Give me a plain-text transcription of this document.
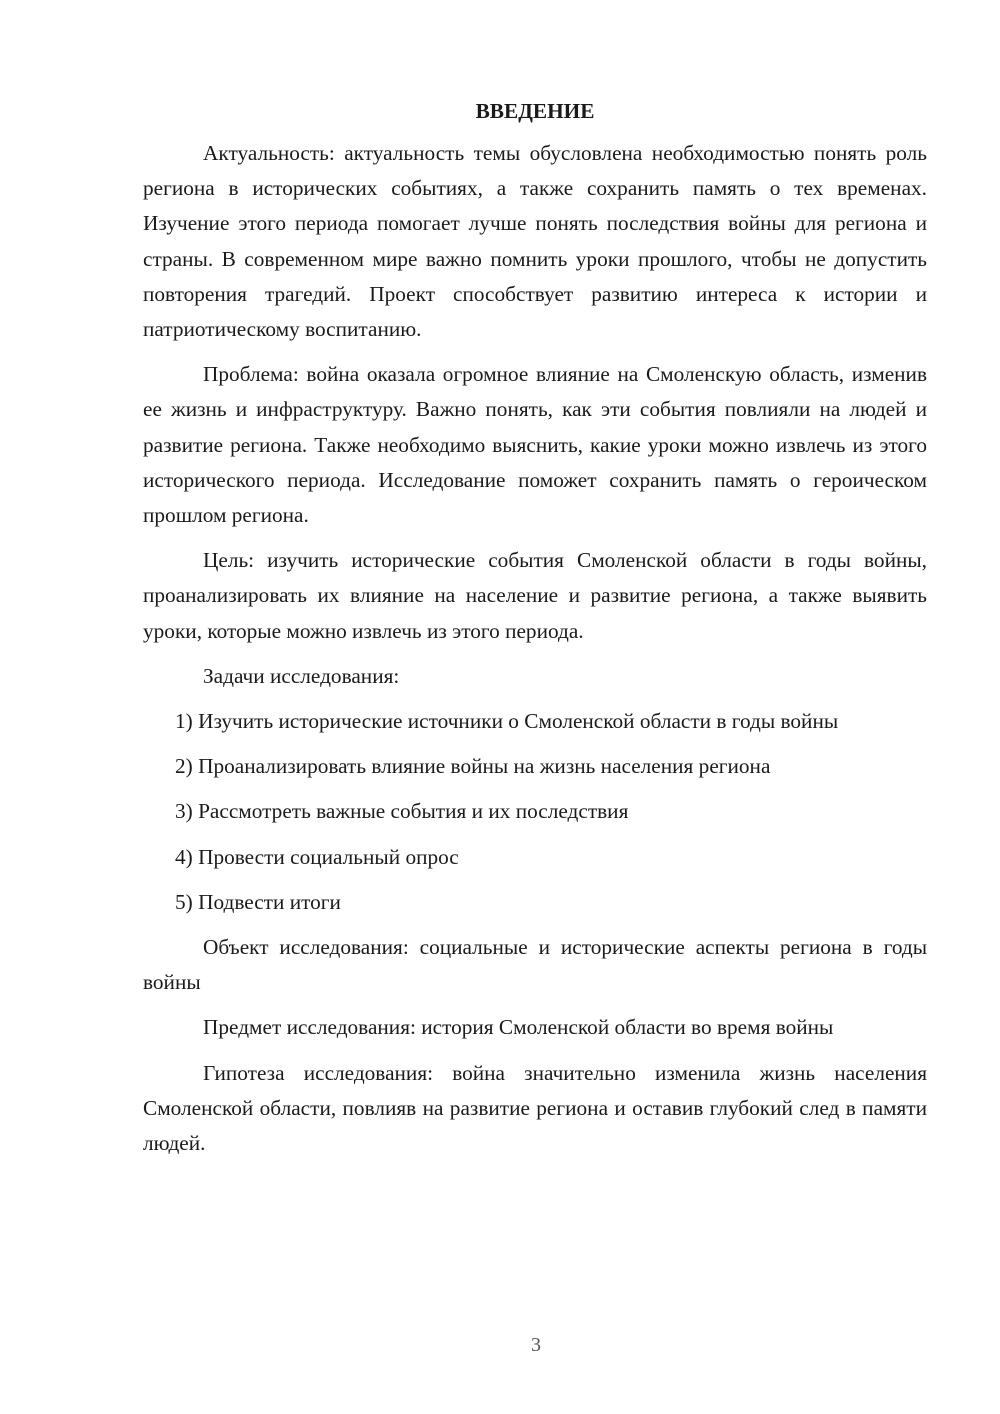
ВВЕДЕНИЕ

Актуальность: актуальность темы обусловлена необходимостью понять роль региона в исторических событиях, а также сохранить память о тех временах. Изучение этого периода помогает лучше понять последствия войны для региона и страны. В современном мире важно помнить уроки прошлого, чтобы не допустить повторения трагедий. Проект способствует развитию интереса к истории и патриотическому воспитанию.

Проблема: война оказала огромное влияние на Смоленскую область, изменив ее жизнь и инфраструктуру. Важно понять, как эти события повлияли на людей и развитие региона. Также необходимо выяснить, какие уроки можно извлечь из этого исторического периода. Исследование поможет сохранить память о героическом прошлом региона.

Цель: изучить исторические события Смоленской области в годы войны, проанализировать их влияние на население и развитие региона, а также выявить уроки, которые можно извлечь из этого периода.

Задачи исследования:

1) Изучить исторические источники о Смоленской области в годы войны

2) Проанализировать влияние войны на жизнь населения региона

3) Рассмотреть важные события и их последствия

4) Провести социальный опрос

5) Подвести итоги

Объект исследования: социальные и исторические аспекты региона в годы войны

Предмет исследования: история Смоленской области во время войны

Гипотеза исследования: война значительно изменила жизнь населения Смоленской области, повлияв на развитие региона и оставив глубокий след в памяти людей.

3
